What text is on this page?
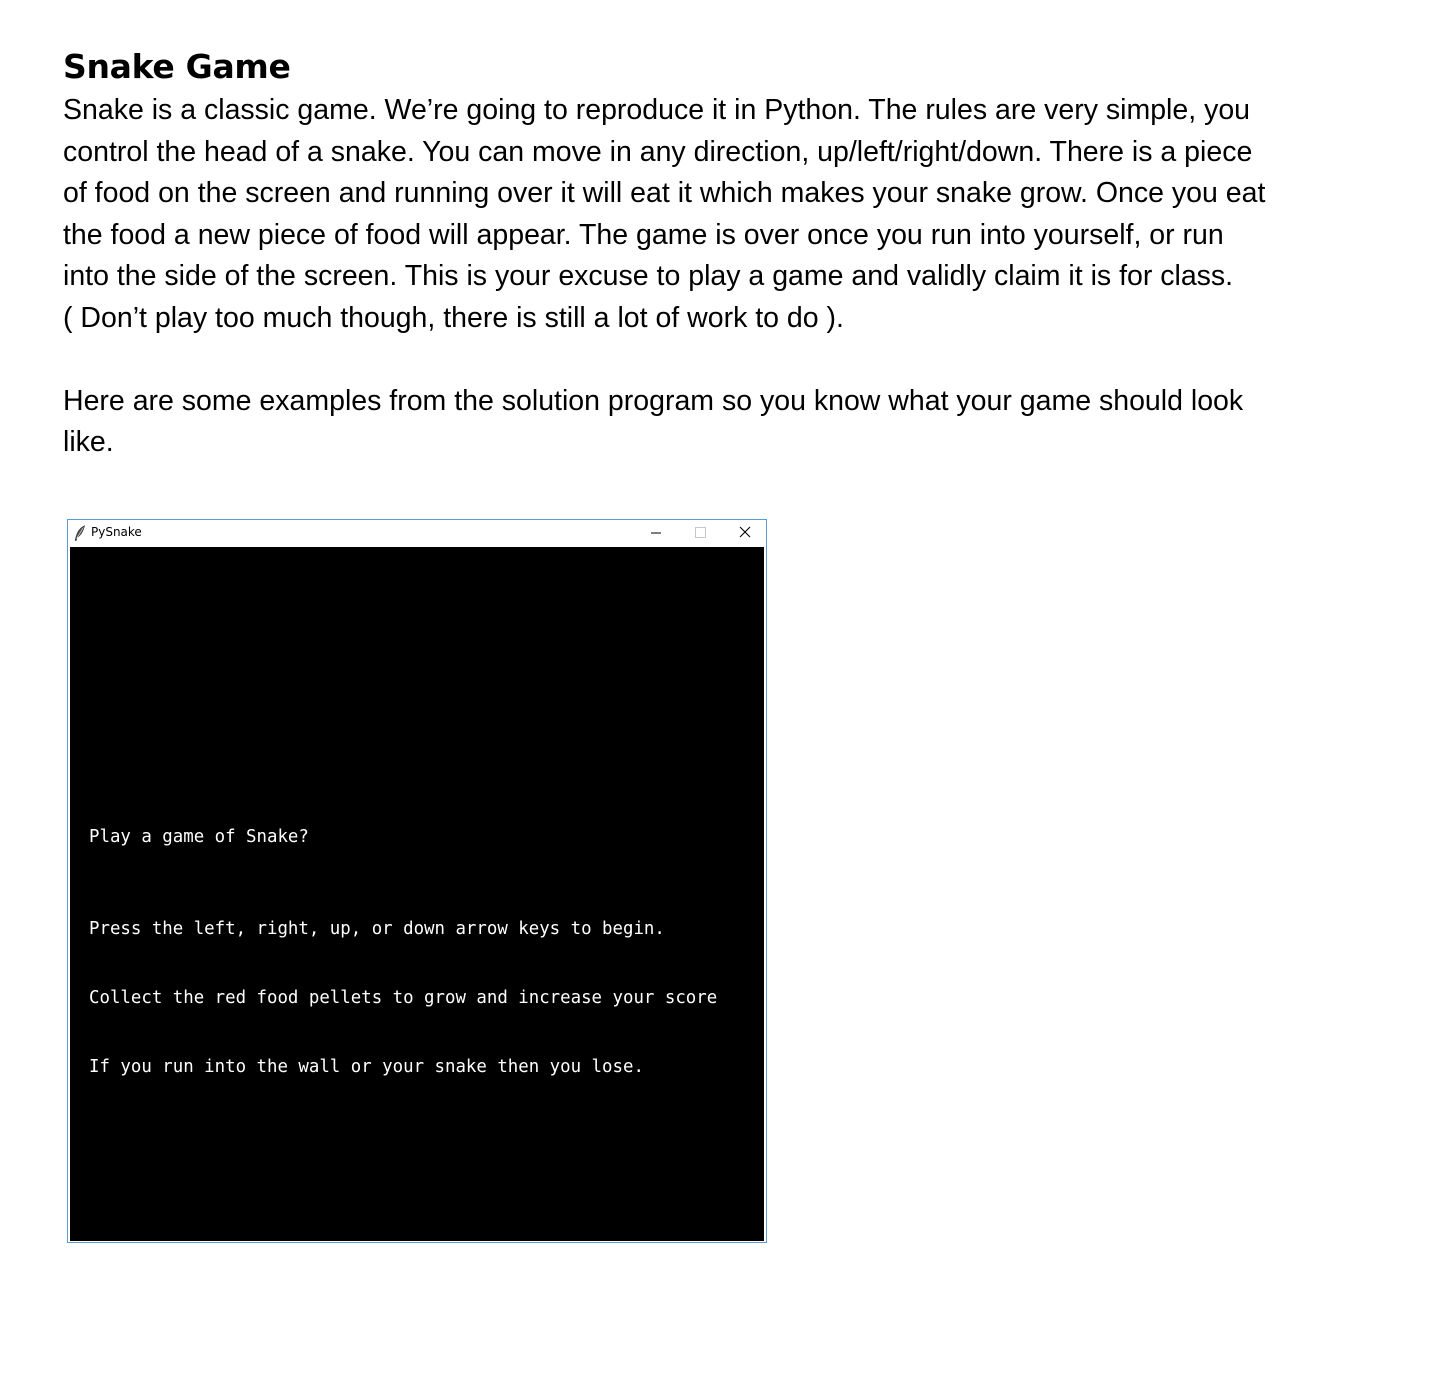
Snake Game

Snake is a classic game. We’re going to reproduce it in Python. The rules are very simple, you
control the head of a snake. You can move in any direction, up/left/right/down. There is a piece
of food on the screen and running over it will eat it which makes your snake grow. Once you eat
the food a new piece of food will appear. The game is over once you run into yourself, or run
into the side of the screen. This is your excuse to play a game and validly claim it is for class.
( Don’t play too much though, there is still a lot of work to do ).

Here are some examples from the solution program so you know what your game should look
like.

PySnake

Play a game of Snake?

Press the left, right, up, or down arrow keys to begin.

Collect the red food pellets to grow and increase your score

If you run into the wall or your snake then you lose.
